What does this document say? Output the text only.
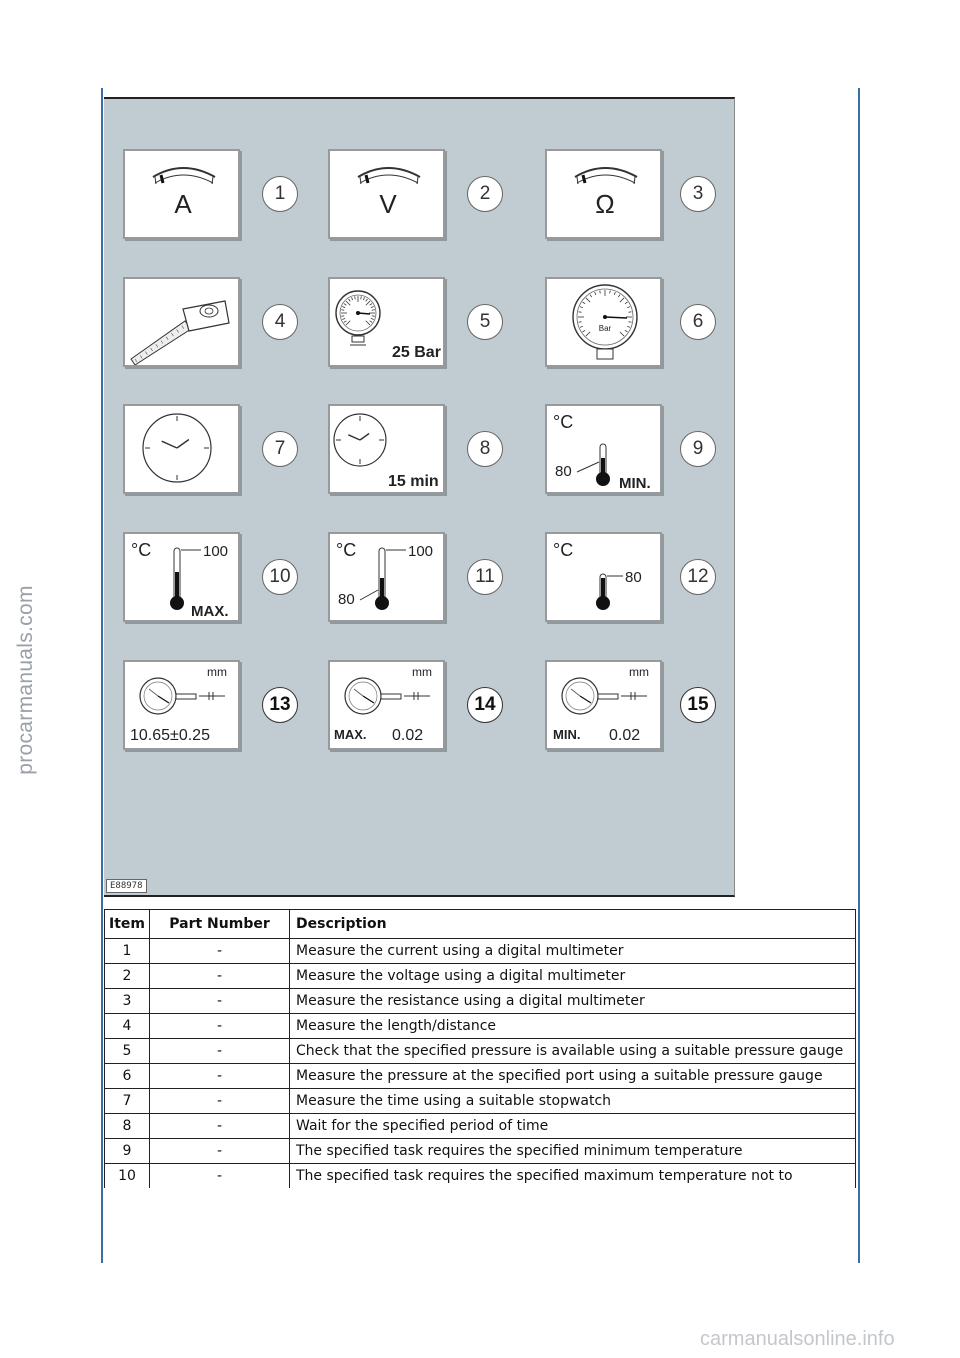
procarmanuals.com
A	1	V	2	Ω	3
4
25 Bar
5	Bar	6
7
15 min
8
°C
80
MIN.
9
°C	100
MAX.
10
°C	100
80
11
°C
80	12
mm
10.65±0.25
13
mm
MAX. 0.02
14
mm
MIN. 0.02
15
E88978
Item	Part Number	Description
1	-	Measure the current using a digital multimeter
2	-	Measure the voltage using a digital multimeter
3	-	Measure the resistance using a digital multimeter
4	-	Measure the length/distance
5	-	Check that the specified pressure is available using a suitable pressure gauge
6	-	Measure the pressure at the specified port using a suitable pressure gauge
7	-	Measure the time using a suitable stopwatch
8	-	Wait for the specified period of time
9	-	The specified task requires the specified minimum temperature
10	-	The specified task requires the specified maximum temperature not to
carmanualsonline.info
